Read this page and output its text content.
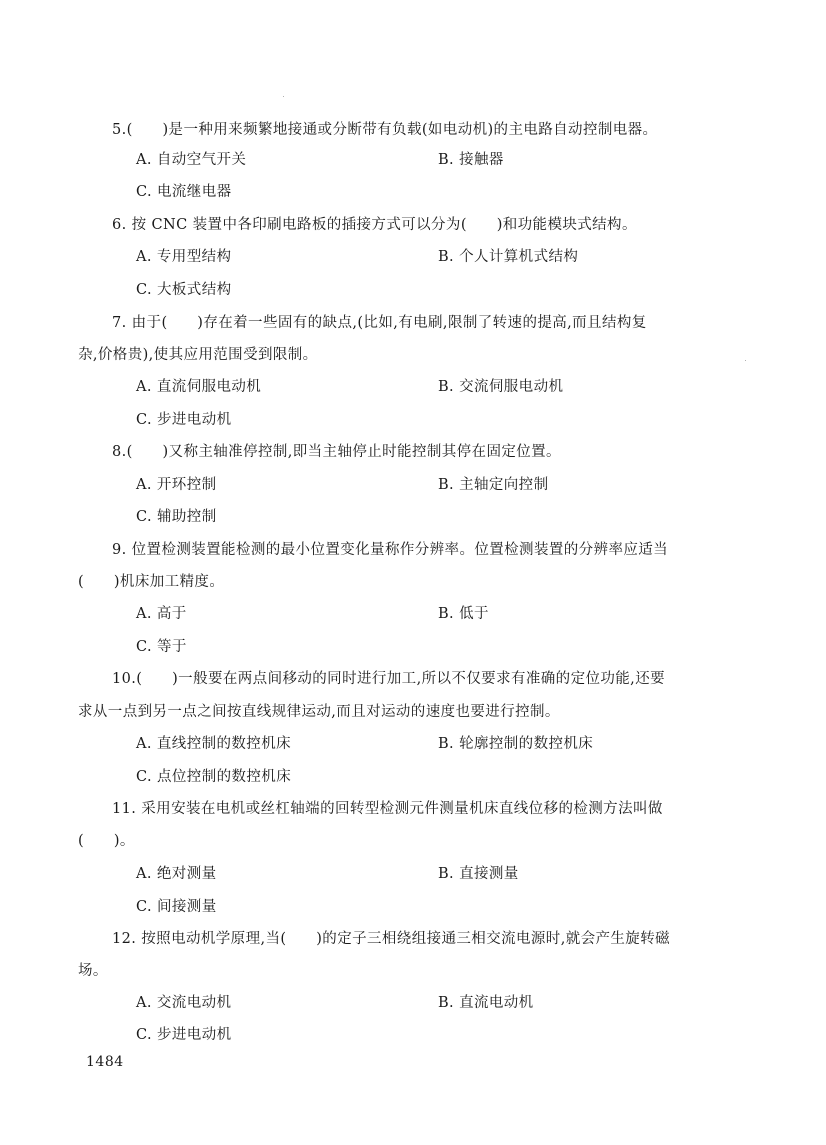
5.(　　)是一种用来频繁地接通或分断带有负载(如电动机)的主电路自动控制电器。
A. 自动空气开关	B. 接触器
C. 电流继电器
6. 按 CNC 装置中各印刷电路板的插接方式可以分为(　　)和功能模块式结构。
A. 专用型结构	B. 个人计算机式结构
C. 大板式结构
7. 由于(　　)存在着一些固有的缺点,(比如,有电刷,限制了转速的提高,而且结构复
杂,价格贵),使其应用范围受到限制。
A. 直流伺服电动机	B. 交流伺服电动机
C. 步进电动机
8.(　　)又称主轴准停控制,即当主轴停止时能控制其停在固定位置。
A. 开环控制	B. 主轴定向控制
C. 辅助控制
9. 位置检测装置能检测的最小位置变化量称作分辨率。位置检测装置的分辨率应适当
(　　)机床加工精度。
A. 高于	B. 低于
C. 等于
10.(　　)一般要在两点间移动的同时进行加工,所以不仅要求有准确的定位功能,还要
求从一点到另一点之间按直线规律运动,而且对运动的速度也要进行控制。
A. 直线控制的数控机床	B. 轮廓控制的数控机床
C. 点位控制的数控机床
11. 采用安装在电机或丝杠轴端的回转型检测元件测量机床直线位移的检测方法叫做
(　　)。
A. 绝对测量	B. 直接测量
C. 间接测量
12. 按照电动机学原理,当(　　)的定子三相绕组接通三相交流电源时,就会产生旋转磁
场。
A. 交流电动机	B. 直流电动机
C. 步进电动机
1484
